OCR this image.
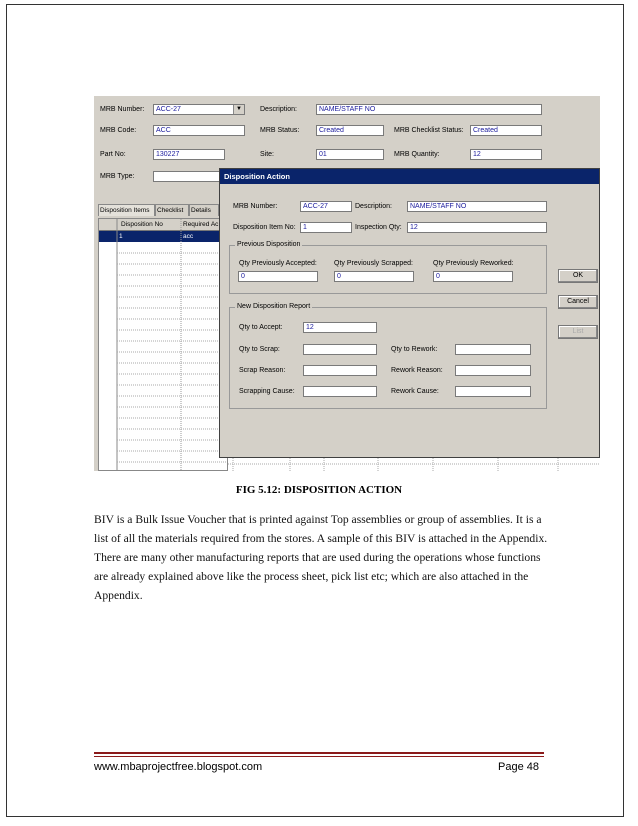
MRB Number:	ACC-27	▼	Description:	NAME/STAFF NO
MRB Code:	ACC	MRB Status:	Created	MRB Checklist Status:	Created
Part No:	130227	Site:	01	MRB Quantity:	12
MRB Type:
Disposition Items	Checklist	Details
Disposition No	Required Ac
1	acc
Disposition Action
MRB Number:	ACC-27	Description:	NAME/STAFF NO
Disposition Item No:	1	Inspection Qty:	12
Previous Disposition
Qty Previously Accepted:
0
Qty Previously Scrapped:
0
Qty Previously Reworked:
0
New Disposition Report
Qty to Accept:	12
Qty to Scrap:	Qty to Rework:
Scrap Reason:	Rework Reason:
Scrapping Cause:	Rework Cause:
OK
Cancel
List
FIG 5.12: DISPOSITION ACTION

BIV is a Bulk Issue Voucher that is printed against Top assemblies or group of assemblies. It is a list of all the materials required from the stores. A sample of this BIV is attached in the Appendix.

There are many other manufacturing reports that are used during the operations whose functions are already explained above like the process sheet, pick list etc; which are also attached in the Appendix.

www.mbaprojectfree.blogspot.com	Page 48
